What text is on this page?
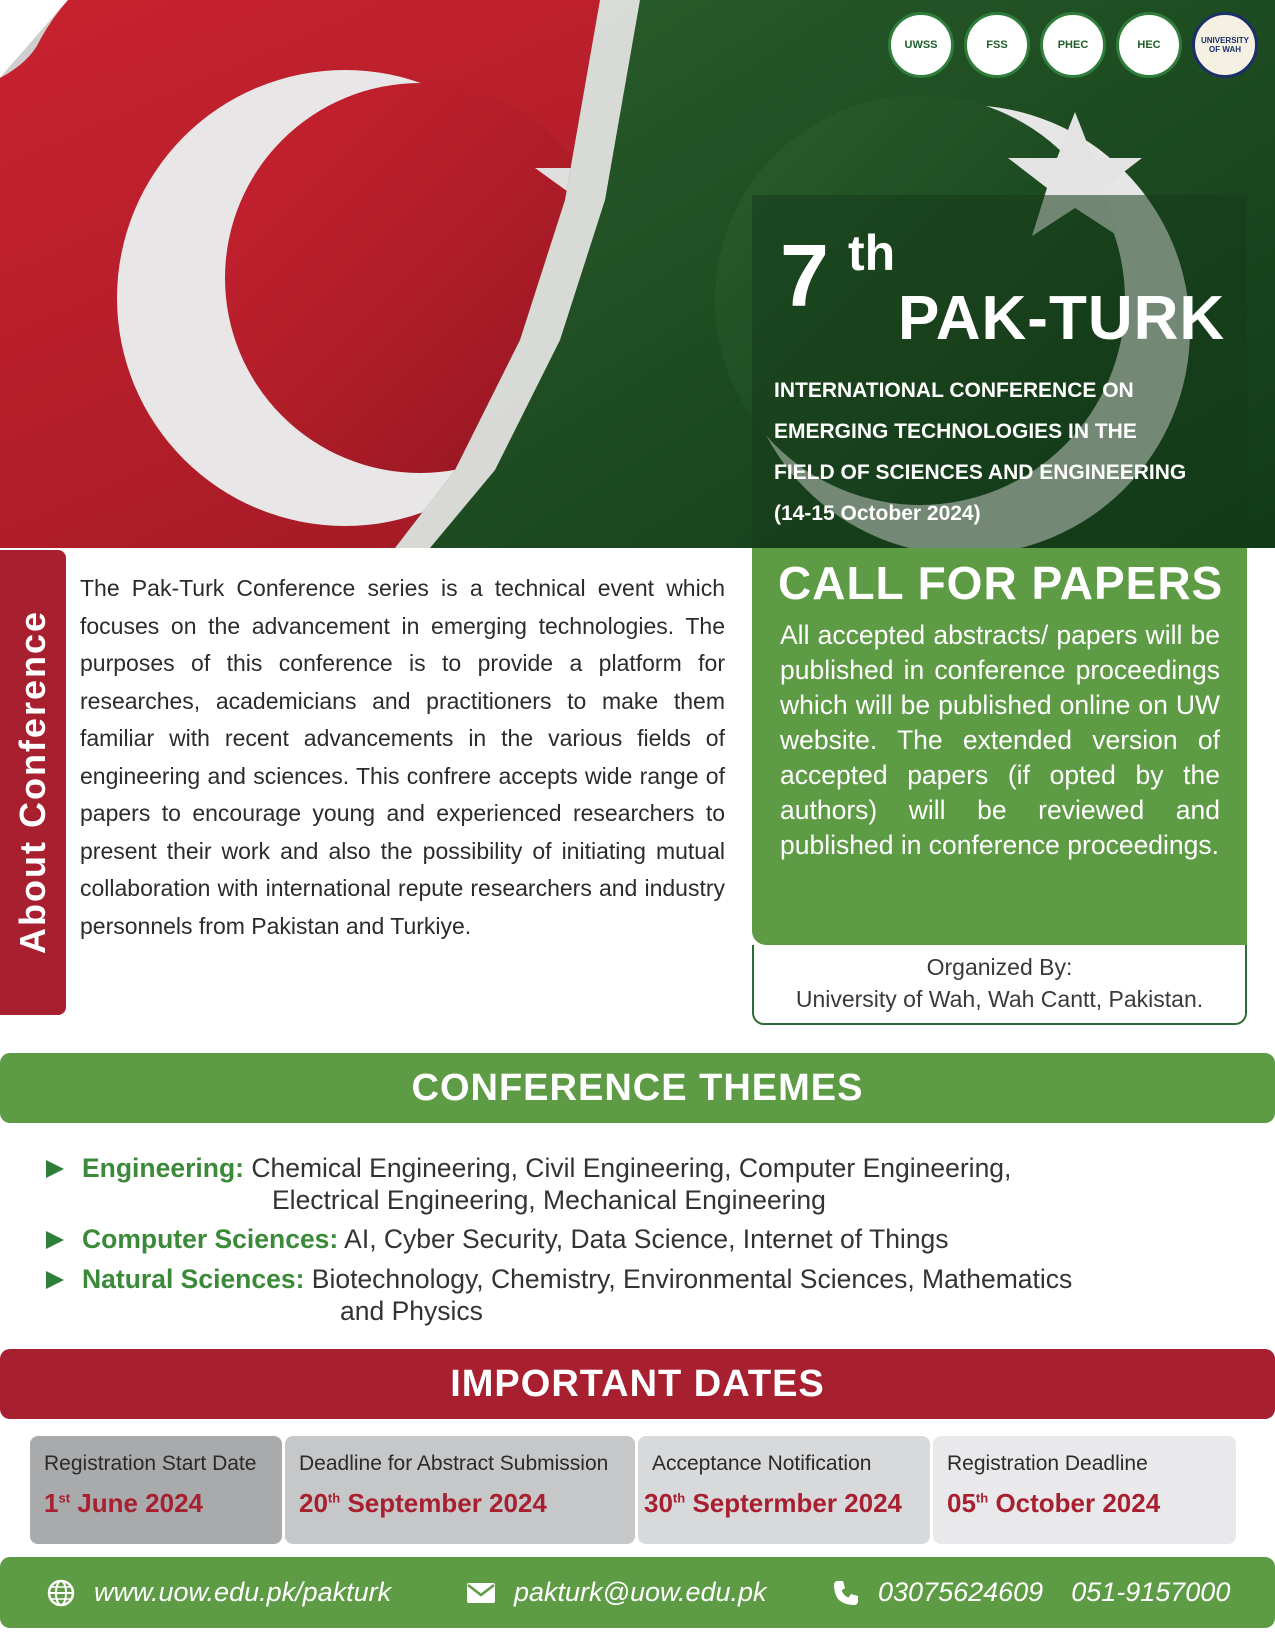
UWSS	FSS	PHEC	HEC	UNIVERSITY OF WAH
7 th
PAK-TURK
INTERNATIONAL CONFERENCE ON
EMERGING TECHNOLOGIES IN THE
FIELD OF SCIENCES AND ENGINEERING
(14-15 October 2024)
About Conference
The Pak-Turk Conference series is a technical event which focuses on the advancement in emerging technologies. The purposes of this conference is to provide a platform for researches, academicians and practitioners to make them familiar with recent advancements in the various fields of engineering and sciences. This confrere accepts wide range of papers to encourage young and experienced researchers to present their work and also the possibility of initiating mutual collaboration with international repute researchers and industry personnels from Pakistan and Turkiye.
CALL FOR PAPERS
All accepted abstracts/ papers will be published in conference proceedings which will be published online on UW website. The extended version of accepted papers (if opted by the authors) will be reviewed and published in conference proceedings.
Organized By:
University of Wah, Wah Cantt, Pakistan.
CONFERENCE THEMES
Engineering: Chemical Engineering, Civil Engineering, Computer Engineering,
Electrical Engineering, Mechanical Engineering
Computer Sciences: AI, Cyber Security, Data Science, Internet of Things
Natural Sciences: Biotechnology, Chemistry, Environmental Sciences, Mathematics
and Physics
IMPORTANT DATES
Registration Start Date
1st June 2024
Deadline for Abstract Submission
20th September 2024
Acceptance Notification
30th Septermber 2024
Registration Deadline
05th October 2024
www.uow.edu.pk/pakturk	pakturk@uow.edu.pk	03075624609 051-9157000
